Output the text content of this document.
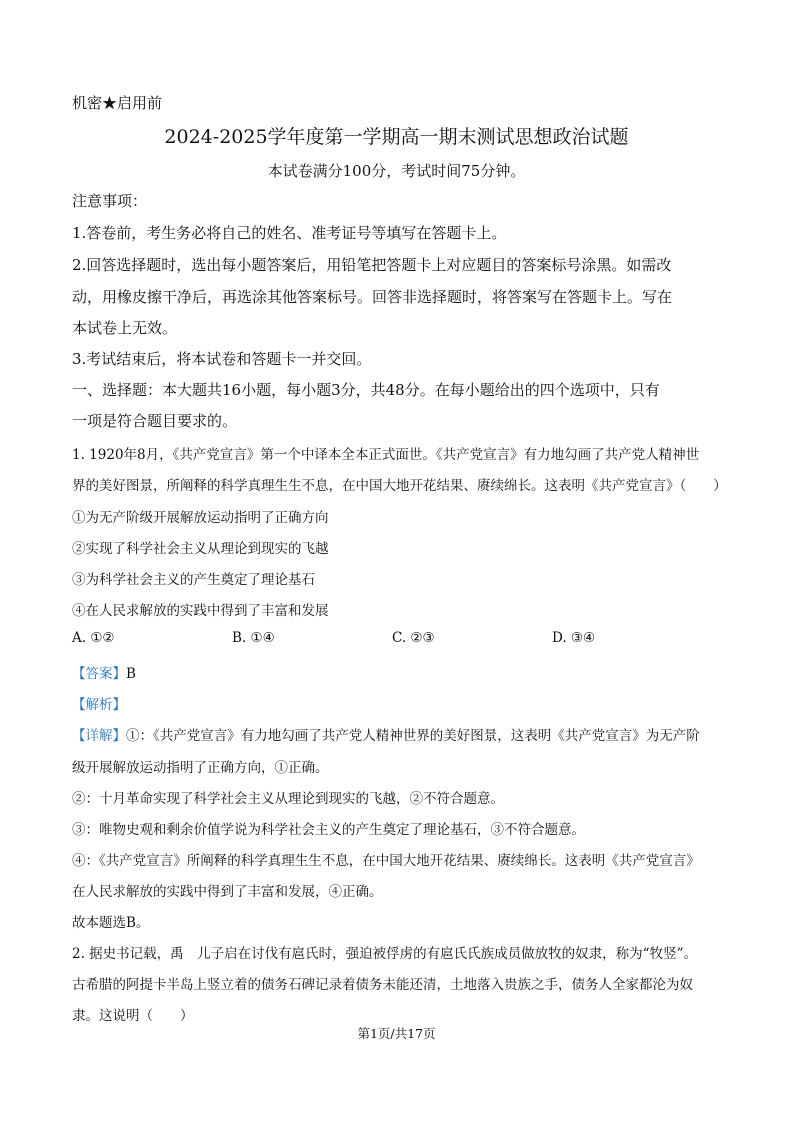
机密★启用前
2024-2025学年度第一学期高一期末测试思想政治试题
本试卷满分100分，考试时间75分钟。
注意事项：
1.答卷前，考生务必将自己的姓名、准考证号等填写在答题卡上。
2.回答选择题时，选出每小题答案后，用铅笔把答题卡上对应题目的答案标号涂黑。如需改
动，用橡皮擦干净后，再选涂其他答案标号。回答非选择题时，将答案写在答题卡上。写在
本试卷上无效。
3.考试结束后，将本试卷和答题卡一并交回。
一、选择题：本大题共16小题，每小题3分，共48分。在每小题给出的四个选项中，只有
一项是符合题目要求的。
1. 1920年8月，《共产党宣言》第一个中译本全本正式面世。《共产党宣言》有力地勾画了共产党人精神世
界的美好图景，所阐释的科学真理生生不息，在中国大地开花结果、赓续绵长。这表明《共产党宣言》（　　）
①为无产阶级开展解放运动指明了正确方向
②实现了科学社会主义从理论到现实的飞越
③为科学社会主义的产生奠定了理论基石
④在人民求解放的实践中得到了丰富和发展
A. ①②	B. ①④	C. ②③	D. ③④
【答案】B
【解析】
【详解】①：《共产党宣言》有力地勾画了共产党人精神世界的美好图景，这表明《共产党宣言》为无产阶
级开展解放运动指明了正确方向，①正确。
②：十月革命实现了科学社会主义从理论到现实的飞越，②不符合题意。
③：唯物史观和剩余价值学说为科学社会主义的产生奠定了理论基石，③不符合题意。
④：《共产党宣言》所阐释的科学真理生生不息，在中国大地开花结果、赓续绵长。这表明《共产党宣言》
在人民求解放的实践中得到了丰富和发展，④正确。
故本题选B。
2. 据史书记载，禹　儿子启在讨伐有扈氏时，强迫被俘虏的有扈氏氏族成员做放牧的奴隶，称为“牧竖”。
古希腊的阿提卡半岛上竖立着的债务石碑记录着债务未能还清，土地落入贵族之手，债务人全家都沦为奴
隶。这说明（　　）
第1页/共17页
